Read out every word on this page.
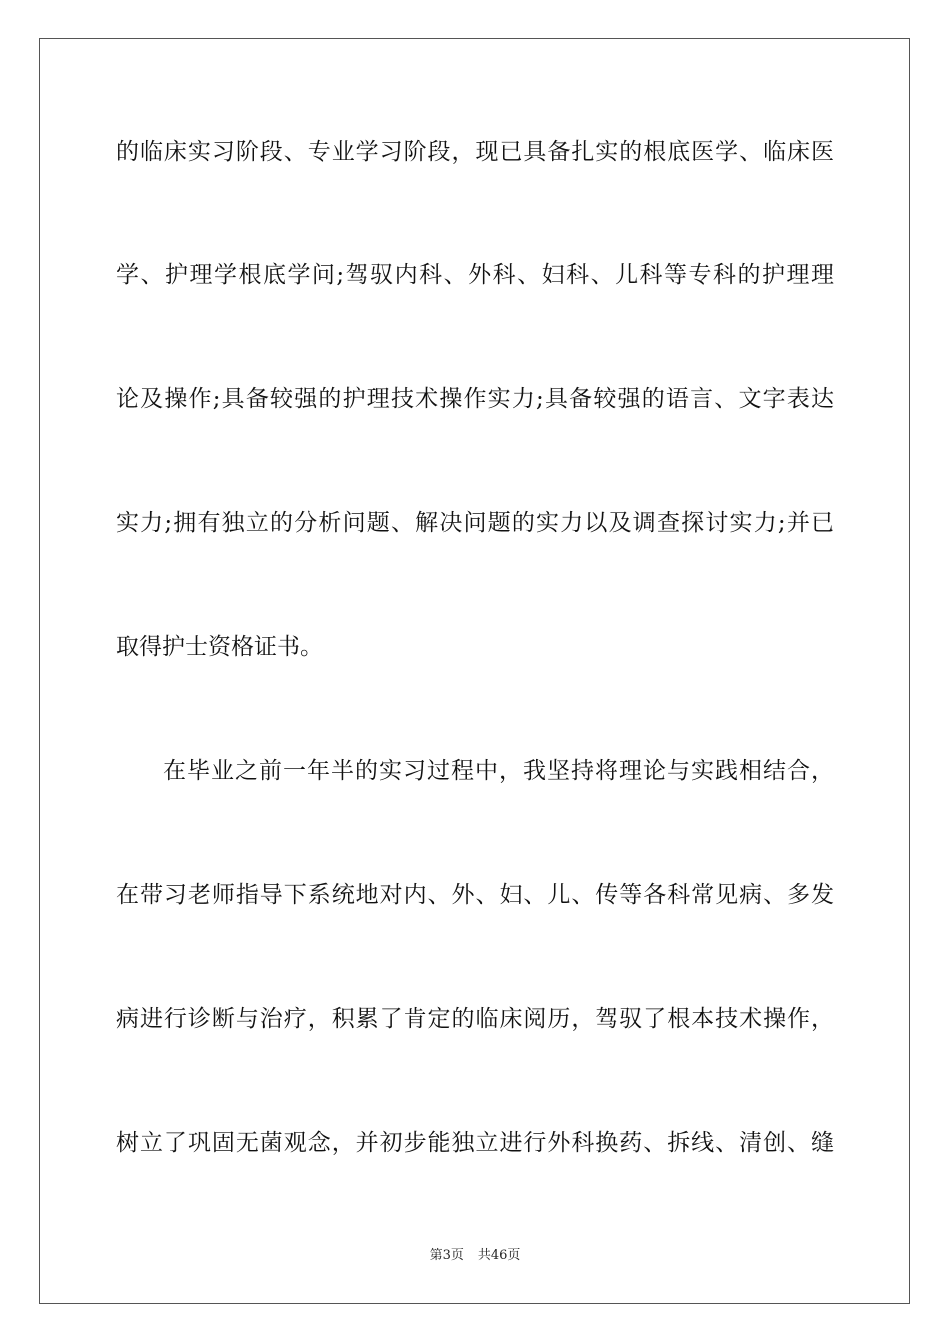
的临床实习阶段、专业学习阶段，现已具备扎实的根底医学、临床医
学、护理学根底学问;驾驭内科、外科、妇科、儿科等专科的护理理
论及操作;具备较强的护理技术操作实力;具备较强的语言、文字表达
实力;拥有独立的分析问题、解决问题的实力以及调查探讨实力;并已
取得护士资格证书。
在毕业之前一年半的实习过程中，我坚持将理论与实践相结合，
在带习老师指导下系统地对内、外、妇、儿、传等各科常见病、多发
病进行诊断与治疗，积累了肯定的临床阅历，驾驭了根本技术操作，
树立了巩固无菌观念，并初步能独立进行外科换药、拆线、清创、缝
第3页 共46页
